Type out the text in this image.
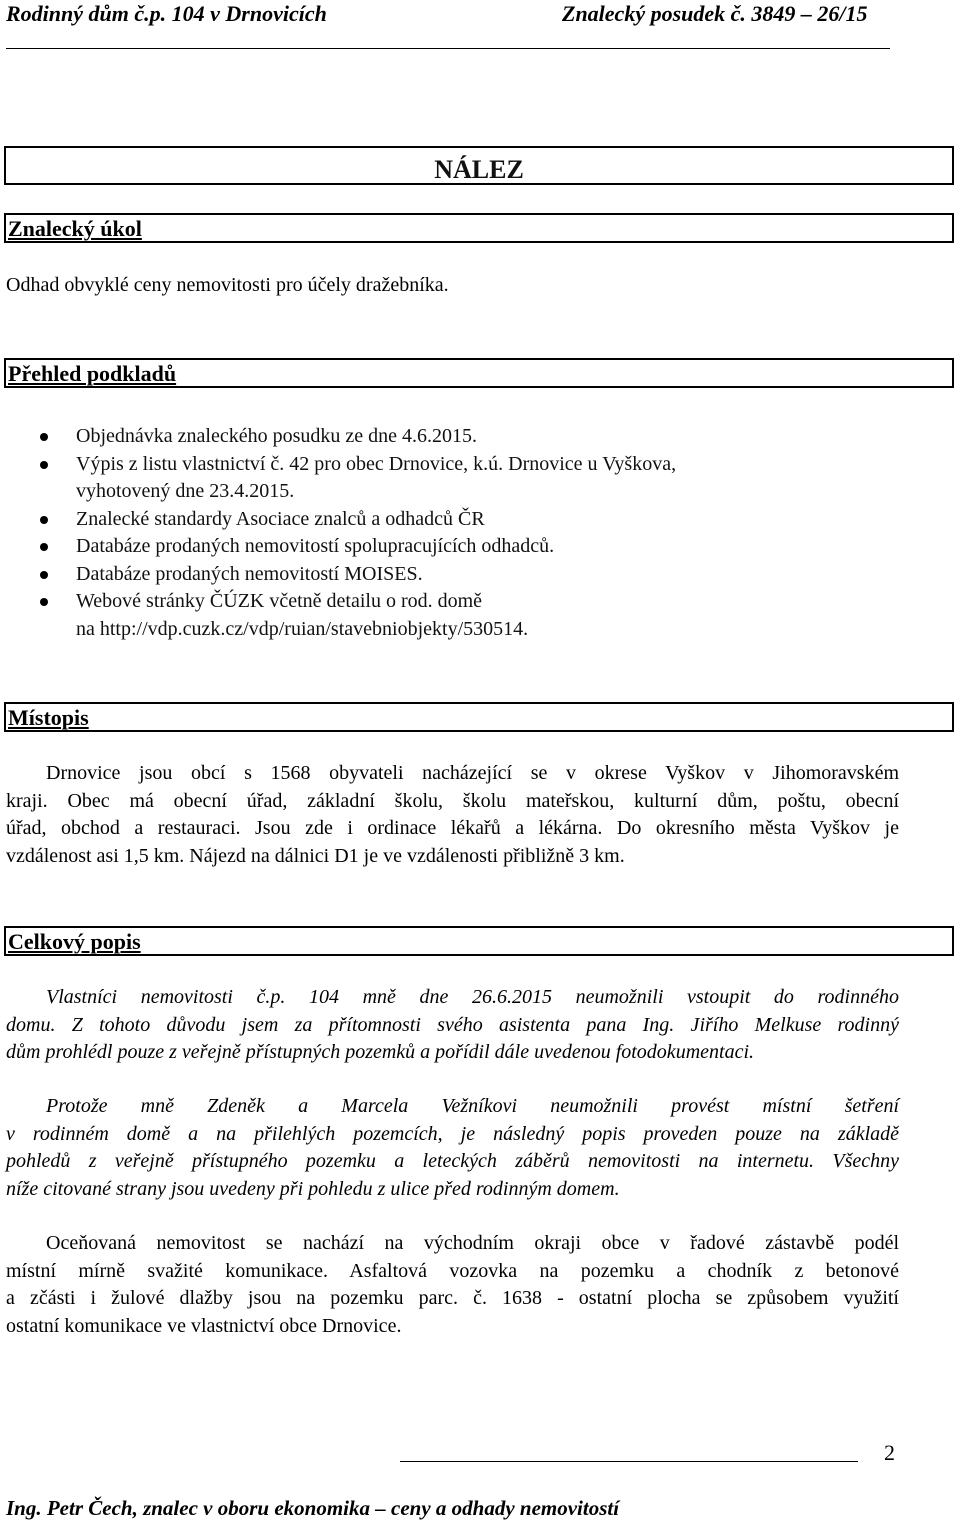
Rodinný dům č.p. 104 v Drnovicích	Znalecký posudek č. 3849 – 26/15
NÁLEZ
Znalecký úkol
Odhad obvyklé ceny nemovitosti pro účely dražebníka.
Přehled podkladů
Objednávka znaleckého posudku ze dne 4.6.2015.
Výpis z listu vlastnictví č. 42 pro obec Drnovice, k.ú. Drnovice u Vyškova,
vyhotovený dne 23.4.2015.
Znalecké standardy Asociace znalců a odhadců ČR
Databáze prodaných nemovitostí spolupracujících odhadců.
Databáze prodaných nemovitostí MOISES.
Webové stránky ČÚZK včetně detailu o rod. domě
na http://vdp.cuzk.cz/vdp/ruian/stavebniobjekty/530514.
Místopis
Drnovice jsou obcí s 1568 obyvateli nacházející se v okrese Vyškov v Jihomoravském
kraji. Obec má obecní úřad, základní školu, školu mateřskou, kulturní dům, poštu, obecní
úřad, obchod a restauraci. Jsou zde i ordinace lékařů a lékárna. Do okresního města Vyškov je
vzdálenost asi 1,5 km. Nájezd na dálnici D1 je ve vzdálenosti přibližně 3 km.
Celkový popis
Vlastníci nemovitosti č.p. 104 mně dne 26.6.2015 neumožnili vstoupit do rodinného
domu. Z tohoto důvodu jsem za přítomnosti svého asistenta pana Ing. Jiřího Melkuse rodinný
dům prohlédl pouze z veřejně přístupných pozemků a pořídil dále uvedenou fotodokumentaci.
Protože mně Zdeněk a Marcela Vežníkovi neumožnili provést místní šetření
v rodinném domě a na přilehlých pozemcích, je následný popis proveden pouze na základě
pohledů z veřejně přístupného pozemku a leteckých záběrů nemovitosti na internetu. Všechny
níže citované strany jsou uvedeny při pohledu z ulice před rodinným domem.
Oceňovaná nemovitost se nachází na východním okraji obce v řadové zástavbě podél
místní mírně svažité komunikace. Asfaltová vozovka na pozemku a chodník z betonové
a zčásti i žulové dlažby jsou na pozemku parc. č. 1638 - ostatní plocha se způsobem využití
ostatní komunikace ve vlastnictví obce Drnovice.
2
Ing. Petr Čech, znalec v oboru ekonomika – ceny a odhady nemovitostí
